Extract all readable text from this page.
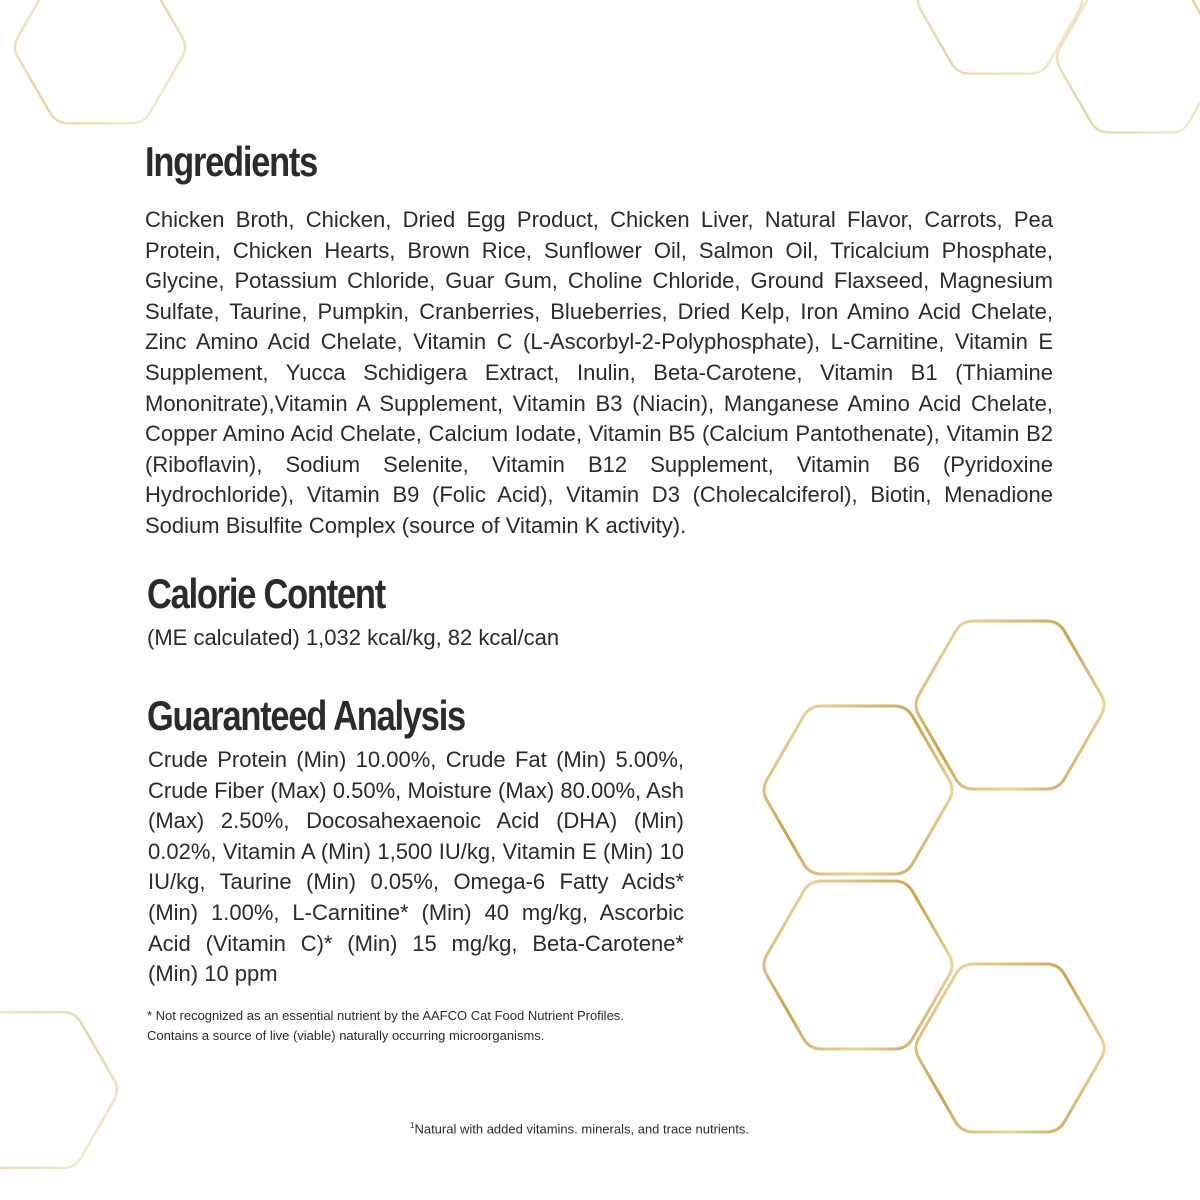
Ingredients

Chicken Broth, Chicken, Dried Egg Product, Chicken Liver, Natural Flavor, Carrots, Pea Protein, Chicken Hearts, Brown Rice, Sunflower Oil, Salmon Oil, Tricalcium Phosphate, Glycine, Potassium Chloride, Guar Gum, Choline Chloride, Ground Flaxseed, Magnesium Sulfate, Taurine, Pumpkin, Cranberries, Blueberries, Dried Kelp, Iron Amino Acid Chelate, Zinc Amino Acid Chelate, Vitamin C (L-Ascorbyl-2-Polyphosphate), L-Carnitine, Vitamin E Supplement, Yucca Schidigera Extract, Inulin, Beta-Carotene, Vitamin B1 (Thiamine Mononitrate),Vitamin A Supplement, Vitamin B3 (Niacin), Manganese Amino Acid Chelate, Copper Amino Acid Chelate, Calcium Iodate, Vitamin B5 (Calcium Pantothenate), Vitamin B2 (Riboflavin), Sodium Selenite, Vitamin B12 Supplement, Vitamin B6 (Pyridoxine Hydrochloride), Vitamin B9 (Folic Acid), Vitamin D3 (Cholecalciferol), Biotin, Menadione Sodium Bisulfite Complex (source of Vitamin K activity).

Calorie Content

(ME calculated) 1,032 kcal/kg, 82 kcal/can

Guaranteed Analysis

Crude Protein (Min) 10.00%, Crude Fat (Min) 5.00%, Crude Fiber (Max) 0.50%, Moisture (Max) 80.00%, Ash (Max) 2.50%, Docosahexaenoic Acid (DHA) (Min) 0.02%, Vitamin A (Min) 1,500 IU/kg, Vitamin E (Min) 10 IU/kg, Taurine (Min) 0.05%, Omega-6 Fatty Acids* (Min) 1.00%, L-Carnitine* (Min) 40 mg/kg, Ascorbic Acid (Vitamin C)* (Min) 15 mg/kg, Beta-Carotene* (Min) 10 ppm

* Not recognized as an essential nutrient by the AAFCO Cat Food Nutrient Profiles.

Contains a source of live (viable) naturally occurring microorganisms.

$^1$Natural with added vitamins. minerals, and trace nutrients.
